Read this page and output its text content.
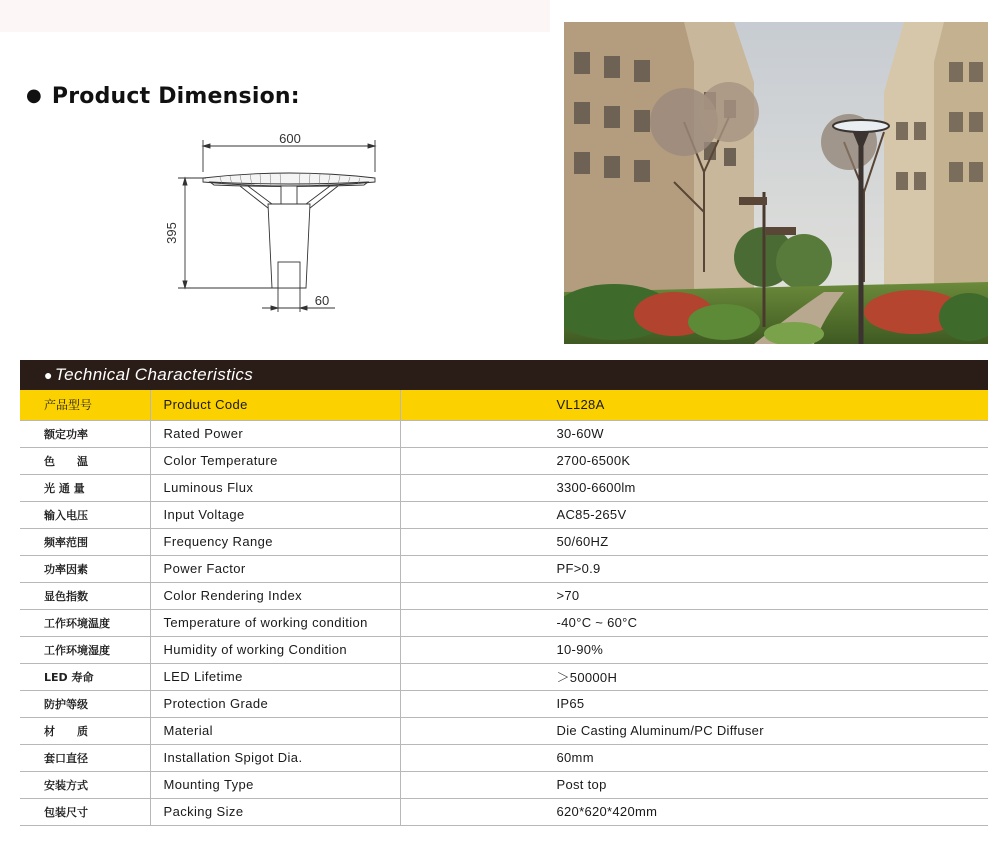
● Product Dimension:
600
395
60
● Technical Characteristics
产品型号	Product Code	VL128A
额定功率	Rated Power	30-60W
色　　温	Color Temperature	2700-6500K
光 通 量	Luminous Flux	3300-6600lm
输入电压	Input Voltage	AC85-265V
频率范围	Frequency Range	50/60HZ
功率因素	Power Factor	PF>0.9
显色指数	Color Rendering Index	>70
工作环境温度	Temperature of working condition	-40°C ~ 60°C
工作环境湿度	Humidity of working Condition	10-90%
LED 寿命	LED Lifetime	＞50000H
防护等级	Protection Grade	IP65
材　　质	Material	Die Casting Aluminum/PC Diffuser
套口直径	Installation Spigot Dia.	60mm
安装方式	Mounting Type	Post top
包装尺寸	Packing Size	620*620*420mm
